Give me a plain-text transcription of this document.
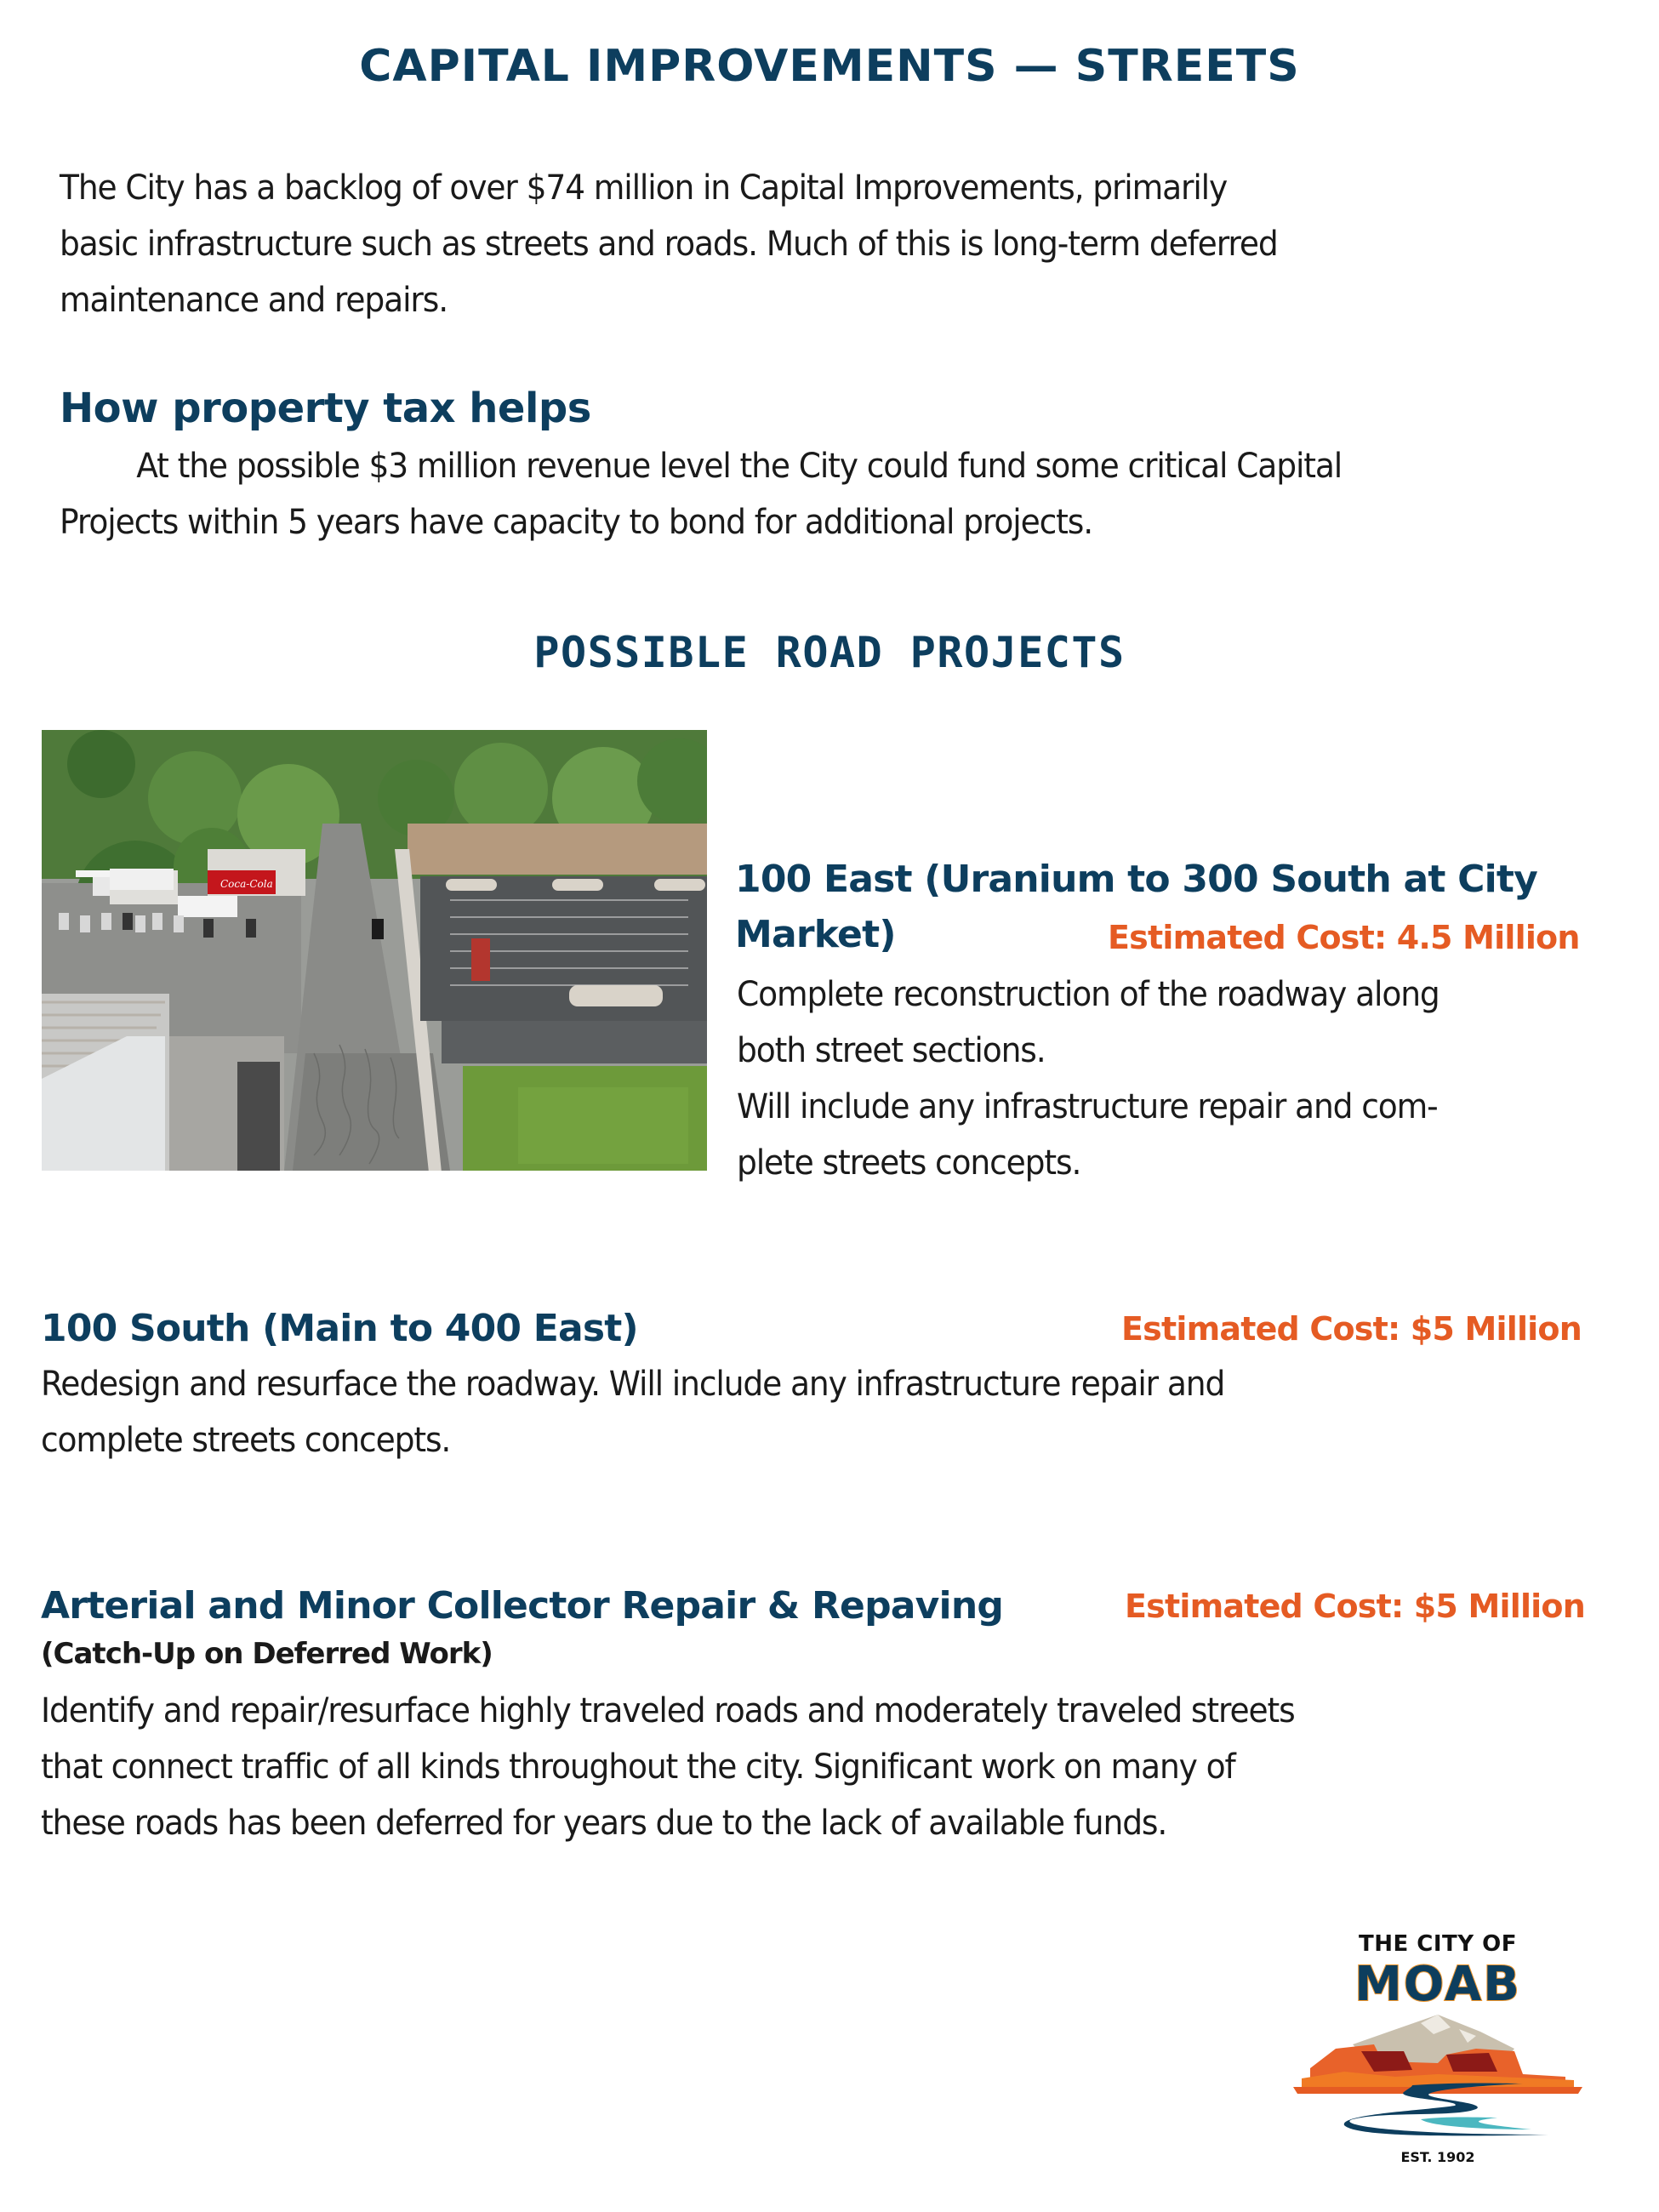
CAPITAL IMPROVEMENTS — STREETS
The City has a backlog of over $74 million in Capital Improvements, primarily
basic infrastructure such as streets and roads. Much of this is long-term deferred
maintenance and repairs.
How property tax helps
At the possible $3 million revenue level the City could fund some critical Capital
Projects within 5 years have capacity to bond for additional projects.
POSSIBLE ROAD PROJECTS
Coca-Cola	100 East (Uranium to 300 South at City
Market)	Estimated Cost: 4.5 Million
Complete reconstruction of the roadway along
both street sections.
Will include any infrastructure repair and com-
plete streets concepts.
100 South (Main to 400 East)	Estimated Cost: $5 Million
Redesign and resurface the roadway. Will include any infrastructure repair and
complete streets concepts.
Arterial and Minor Collector Repair & Repaving	Estimated Cost: $5 Million
(Catch-Up on Deferred Work)
Identify and repair/resurface highly traveled roads and moderately traveled streets
that connect traffic of all kinds throughout the city. Significant work on many of
these roads has been deferred for years due to the lack of available funds.
THE CITY OF
MOAB
EST. 1902
